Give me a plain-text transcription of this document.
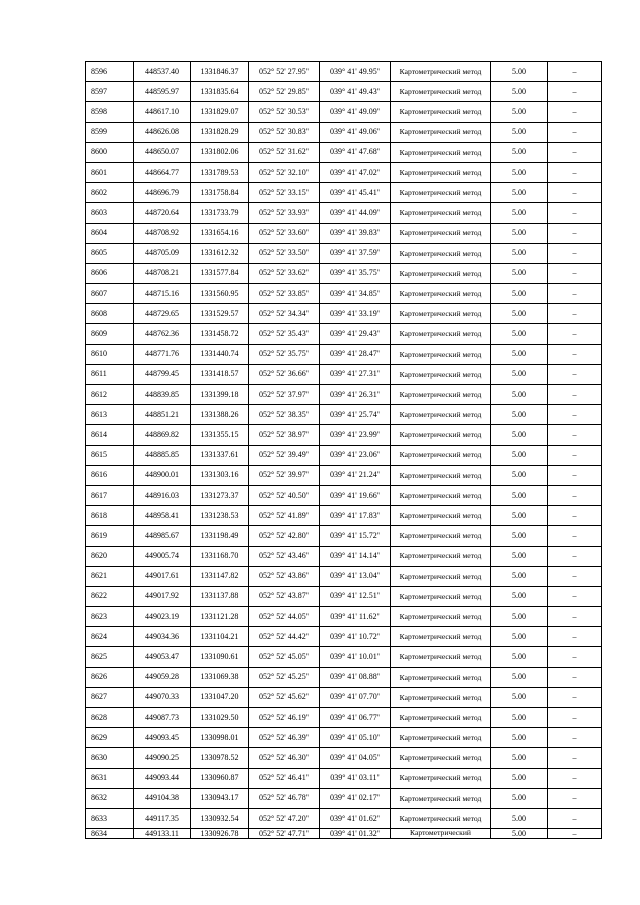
8596	448537.40	1331846.37	052° 52' 27.95"	039° 41' 49.95"	Картометрический метод	5.00	–
8597	448595.97	1331835.64	052° 52' 29.85"	039° 41' 49.43"	Картометрический метод	5.00	–
8598	448617.10	1331829.07	052° 52' 30.53"	039° 41' 49.09"	Картометрический метод	5.00	–
8599	448626.08	1331828.29	052° 52' 30.83"	039° 41' 49.06"	Картометрический метод	5.00	–
8600	448650.07	1331802.06	052° 52' 31.62"	039° 41' 47.68"	Картометрический метод	5.00	–
8601	448664.77	1331789.53	052° 52' 32.10"	039° 41' 47.02"	Картометрический метод	5.00	–
8602	448696.79	1331758.84	052° 52' 33.15"	039° 41' 45.41"	Картометрический метод	5.00	–
8603	448720.64	1331733.79	052° 52' 33.93"	039° 41' 44.09"	Картометрический метод	5.00	–
8604	448708.92	1331654.16	052° 52' 33.60"	039° 41' 39.83"	Картометрический метод	5.00	–
8605	448705.09	1331612.32	052° 52' 33.50"	039° 41' 37.59"	Картометрический метод	5.00	–
8606	448708.21	1331577.84	052° 52' 33.62"	039° 41' 35.75"	Картометрический метод	5.00	–
8607	448715.16	1331560.95	052° 52' 33.85"	039° 41' 34.85"	Картометрический метод	5.00	–
8608	448729.65	1331529.57	052° 52' 34.34"	039° 41' 33.19"	Картометрический метод	5.00	–
8609	448762.36	1331458.72	052° 52' 35.43"	039° 41' 29.43"	Картометрический метод	5.00	–
8610	448771.76	1331440.74	052° 52' 35.75"	039° 41' 28.47"	Картометрический метод	5.00	–
8611	448799.45	1331418.57	052° 52' 36.66"	039° 41' 27.31"	Картометрический метод	5.00	–
8612	448839.85	1331399.18	052° 52' 37.97"	039° 41' 26.31"	Картометрический метод	5.00	–
8613	448851.21	1331388.26	052° 52' 38.35"	039° 41' 25.74"	Картометрический метод	5.00	–
8614	448869.82	1331355.15	052° 52' 38.97"	039° 41' 23.99"	Картометрический метод	5.00	–
8615	448885.85	1331337.61	052° 52' 39.49"	039° 41' 23.06"	Картометрический метод	5.00	–
8616	448900.01	1331303.16	052° 52' 39.97"	039° 41' 21.24"	Картометрический метод	5.00	–
8617	448916.03	1331273.37	052° 52' 40.50"	039° 41' 19.66"	Картометрический метод	5.00	–
8618	448958.41	1331238.53	052° 52' 41.89"	039° 41' 17.83"	Картометрический метод	5.00	–
8619	448985.67	1331198.49	052° 52' 42.80"	039° 41' 15.72"	Картометрический метод	5.00	–
8620	449005.74	1331168.70	052° 52' 43.46"	039° 41' 14.14"	Картометрический метод	5.00	–
8621	449017.61	1331147.82	052° 52' 43.86"	039° 41' 13.04"	Картометрический метод	5.00	–
8622	449017.92	1331137.88	052° 52' 43.87"	039° 41' 12.51"	Картометрический метод	5.00	–
8623	449023.19	1331121.28	052° 52' 44.05"	039° 41' 11.62"	Картометрический метод	5.00	–
8624	449034.36	1331104.21	052° 52' 44.42"	039° 41' 10.72"	Картометрический метод	5.00	–
8625	449053.47	1331090.61	052° 52' 45.05"	039° 41' 10.01"	Картометрический метод	5.00	–
8626	449059.28	1331069.38	052° 52' 45.25"	039° 41' 08.88"	Картометрический метод	5.00	–
8627	449070.33	1331047.20	052° 52' 45.62"	039° 41' 07.70"	Картометрический метод	5.00	–
8628	449087.73	1331029.50	052° 52' 46.19"	039° 41' 06.77"	Картометрический метод	5.00	–
8629	449093.45	1330998.01	052° 52' 46.39"	039° 41' 05.10"	Картометрический метод	5.00	–
8630	449090.25	1330978.52	052° 52' 46.30"	039° 41' 04.05"	Картометрический метод	5.00	–
8631	449093.44	1330960.87	052° 52' 46.41"	039° 41' 03.11"	Картометрический метод	5.00	–
8632	449104.38	1330943.17	052° 52' 46.78"	039° 41' 02.17"	Картометрический метод	5.00	–
8633	449117.35	1330932.54	052° 52' 47.20"	039° 41' 01.62"	Картометрический метод	5.00	–
8634	449133.11	1330926.78	052° 52' 47.71"	039° 41' 01.32"	Картометрический	5.00	–
